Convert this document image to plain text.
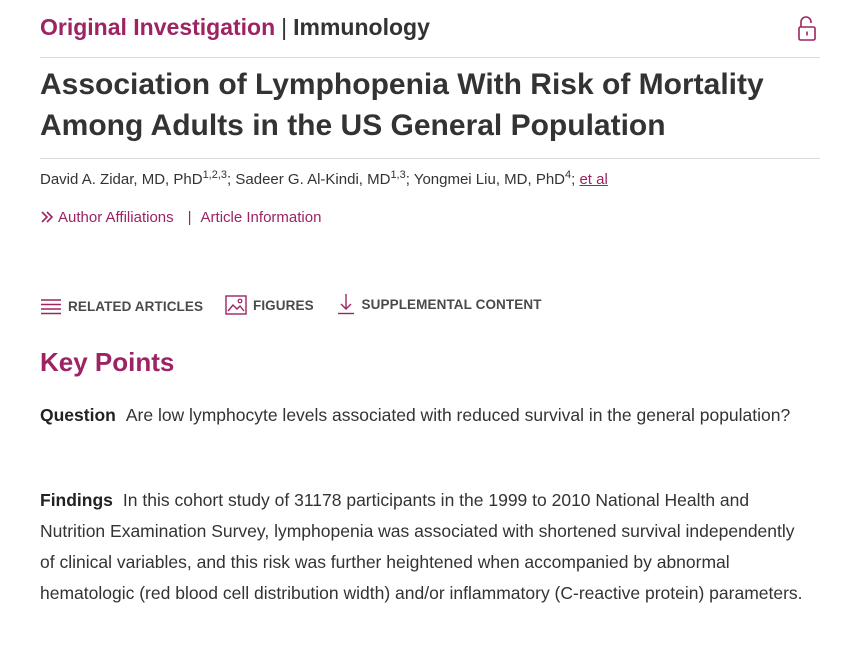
Original Investigation | Immunology
Association of Lymphopenia With Risk of Mortality Among Adults in the US General Population
David A. Zidar, MD, PhD$^{1,2,3}$; Sadeer G. Al-Kindi, MD$^{1,3}$; Yongmei Liu, MD, PhD$^4$; et al
Author Affiliations | Article Information
RELATED ARTICLES
	FIGURES
	SUPPLEMENTAL CONTENT
Key Points

Question Are low lymphocyte levels associated with reduced survival in the general population?

Findings In this cohort study of 31178 participants in the 1999 to 2010 National Health and Nutrition Examination Survey, lymphopenia was associated with shortened survival independently of clinical variables, and this risk was further heightened when accompanied by abnormal hematologic (red blood cell distribution width) and/or inflammatory (C-reactive protein) parameters.
